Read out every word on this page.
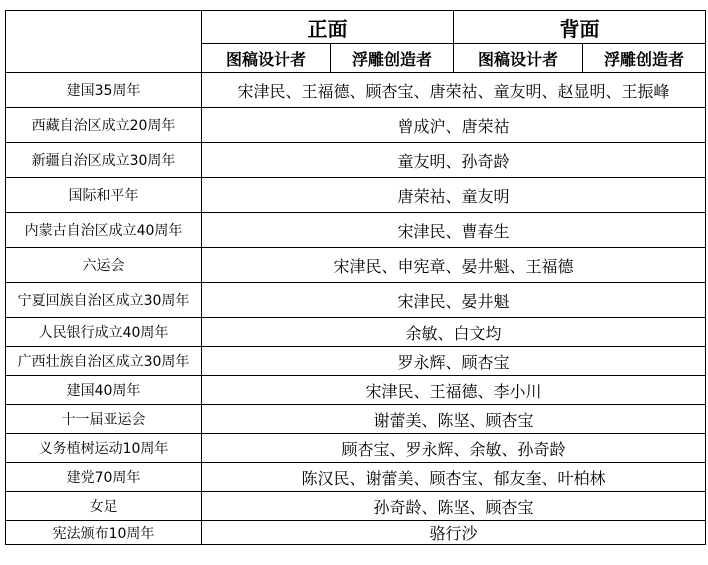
	正面		背面	
	图稿设计者	浮雕创造者	图稿设计者	浮雕创造者
建国35周年	宋津民、王福德、顾杏宝、唐荣祜、童友明、赵显明、王振峰			
西藏自治区成立20周年	曾成沪、唐荣祜			
新疆自治区成立30周年	童友明、孙奇龄			
国际和平年	唐荣祜、童友明			
内蒙古自治区成立40周年	宋津民、曹春生			
六运会	宋津民、申宪章、晏井魁、王福德			
宁夏回族自治区成立30周年	宋津民、晏井魁			
人民银行成立40周年	余敏、白文均			
广西壮族自治区成立30周年	罗永辉、顾杏宝			
建国40周年	宋津民、王福德、李小川			
十一届亚运会	谢蕾美、陈坚、顾杏宝			
义务植树运动10周年	顾杏宝、罗永辉、余敏、孙奇龄			
建党70周年	陈汉民、谢蕾美、顾杏宝、郁友奎、叶柏林			
女足	孙奇龄、陈坚、顾杏宝			
宪法颁布10周年	骆行沙			
